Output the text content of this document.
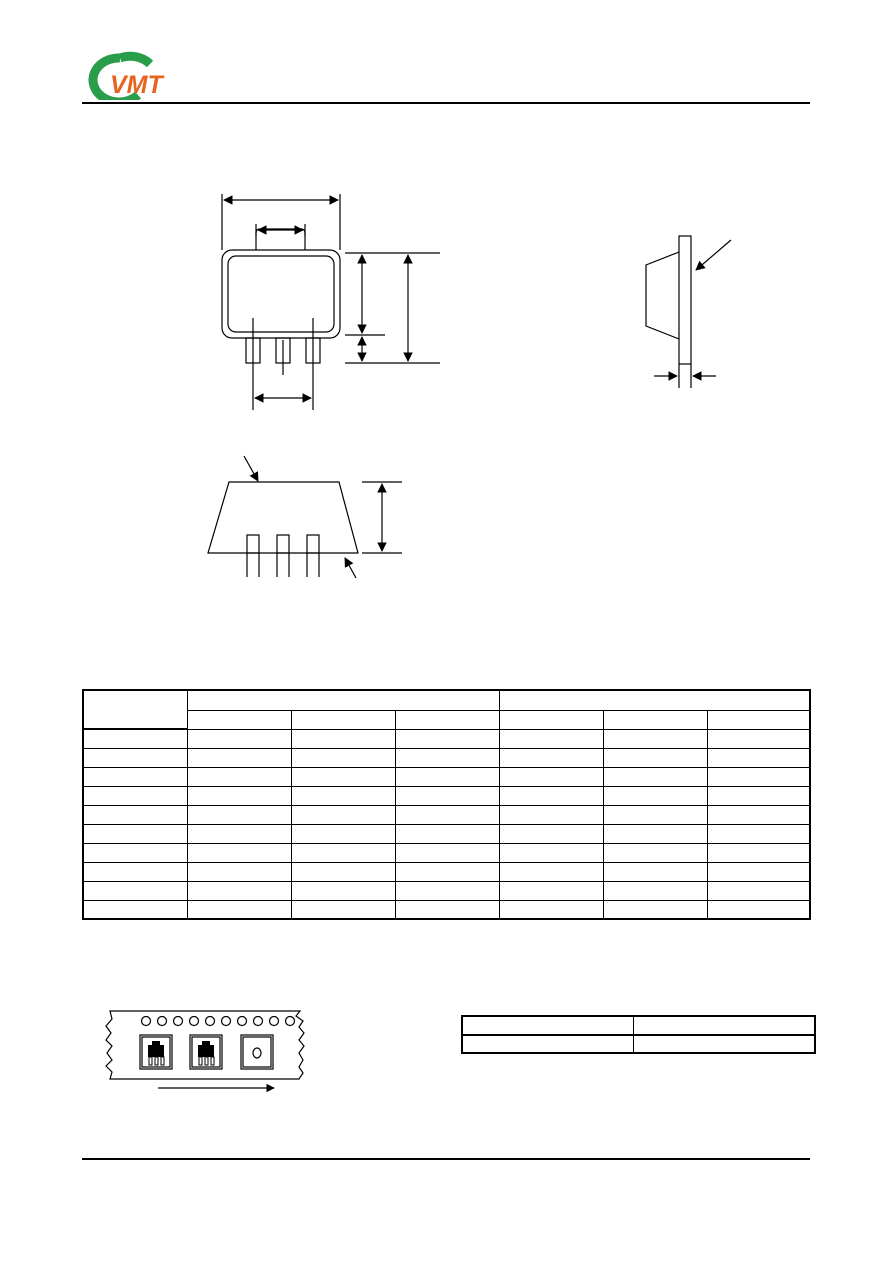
VMT
